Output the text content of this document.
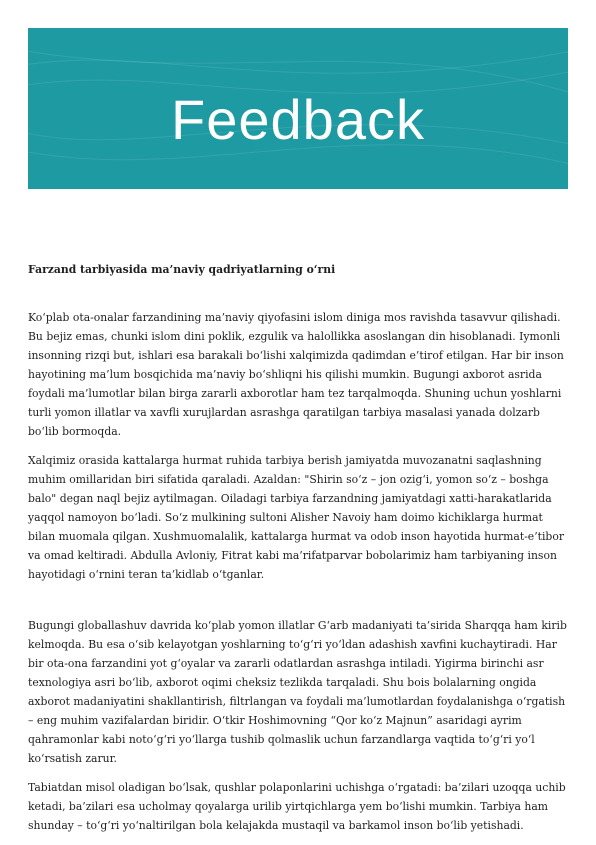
Feedback
Farzand tarbiyasida ma’naviy qadriyatlarning o‘rni

Ko‘plab ota-onalar farzandining ma’naviy qiyofasini islom diniga mos ravishda tasavvur qilishadi. Bu bejiz emas, chunki islom dini poklik, ezgulik va halollikka asoslangan din hisoblanadi. Iymonli insonning rizqi but, ishlari esa barakali bo‘lishi xalqimizda qadimdan e’tirof etilgan. Har bir inson hayotining ma’lum bosqichida ma’naviy bo‘shliqni his qilishi mumkin. Bugungi axborot asrida foydali ma’lumotlar bilan birga zararli axborotlar ham tez tarqalmoqda. Shuning uchun yoshlarni turli yomon illatlar va xavfli xurujlardan asrashga qaratilgan tarbiya masalasi yanada dolzarb bo‘lib bormoqda.

Xalqimiz orasida kattalarga hurmat ruhida tarbiya berish jamiyatda muvozanatni saqlashning muhim omillaridan biri sifatida qaraladi. Azaldan: "Shirin so‘z – jon ozig‘i, yomon so‘z – boshga balo" degan naql bejiz aytilmagan. Oiladagi tarbiya farzandning jamiyatdagi xatti-harakatlarida yaqqol namoyon bo‘ladi. So‘z mulkining sultoni Alisher Navoiy ham doimo kichiklarga hurmat bilan muomala qilgan. Xushmuomalalik, kattalarga hurmat va odob inson hayotida hurmat-e’tibor va omad keltiradi. Abdulla Avloniy, Fitrat kabi ma’rifatparvar bobolarimiz ham tarbiyaning inson hayotidagi o‘rnini teran ta’kidlab o‘tganlar.

Bugungi globallashuv davrida ko‘plab yomon illatlar G‘arb madaniyati ta’sirida Sharqqa ham kirib kelmoqda. Bu esa o‘sib kelayotgan yoshlarning to‘g‘ri yo‘ldan adashish xavfini kuchaytiradi. Har bir ota-ona farzandini yot g‘oyalar va zararli odatlardan asrashga intiladi. Yigirma birinchi asr texnologiya asri bo‘lib, axborot oqimi cheksiz tezlikda tarqaladi. Shu bois bolalarning ongida axborot madaniyatini shakllantirish, filtrlangan va foydali ma’lumotlardan foydalanishga o‘rgatish – eng muhim vazifalardan biridir. O‘tkir Hoshimovning “Qor ko‘z Majnun” asaridagi ayrim qahramonlar kabi noto‘g‘ri yo‘llarga tushib qolmaslik uchun farzandlarga vaqtida to‘g‘ri yo‘l ko‘rsatish zarur.

Tabiatdan misol oladigan bo‘lsak, qushlar polaponlarini uchishga o‘rgatadi: ba’zilari uzoqqa uchib ketadi, ba’zilari esa ucholmay qoyalarga urilib yirtqichlarga yem bo‘lishi mumkin. Tarbiya ham shunday – to‘g‘ri yo‘naltirilgan bola kelajakda mustaqil va barkamol inson bo‘lib yetishadi.
